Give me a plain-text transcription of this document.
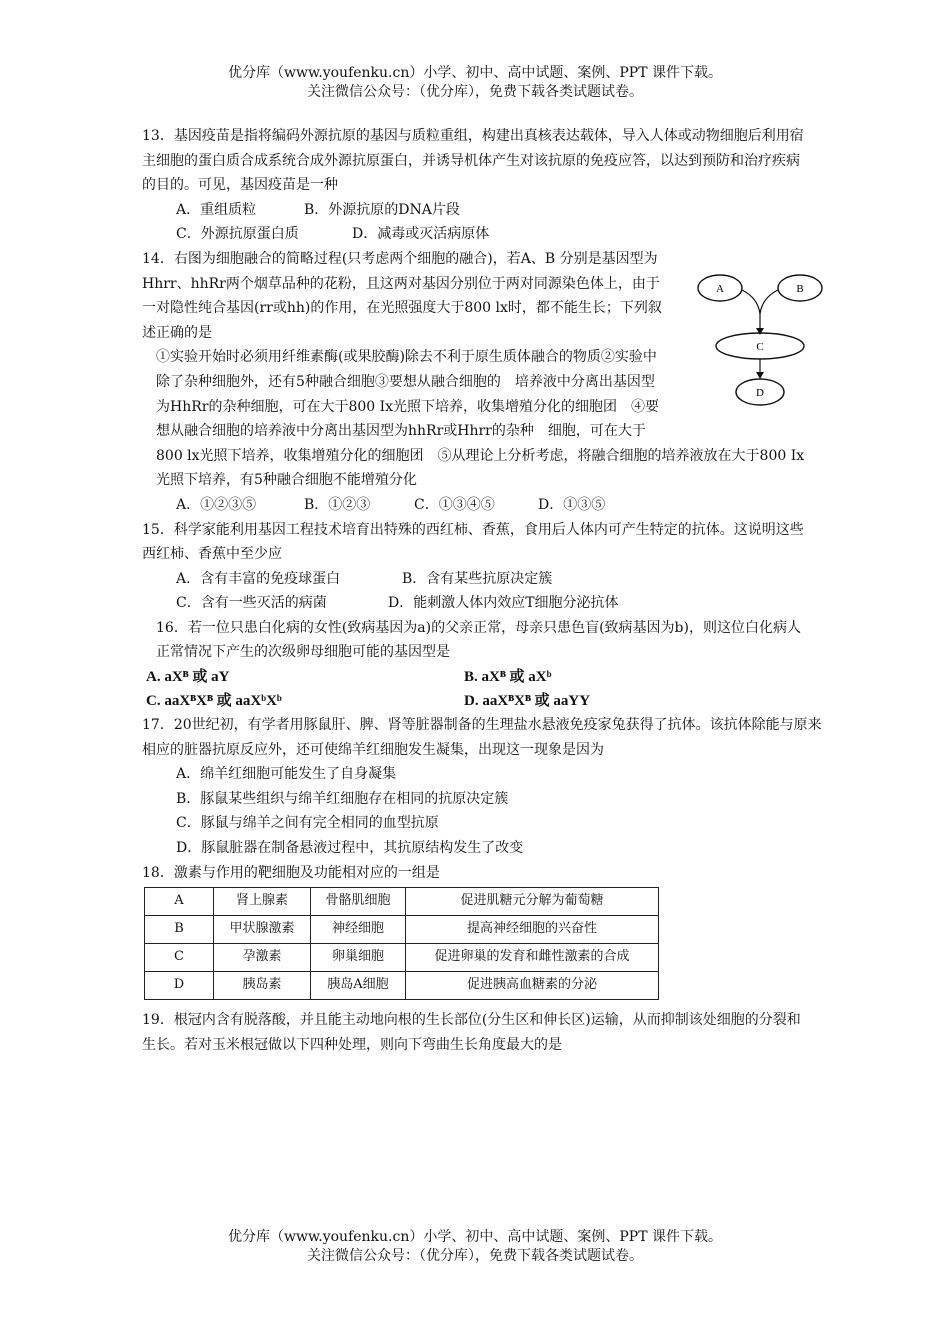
优分库（www.youfenku.cn）小学、初中、高中试题、案例、PPT 课件下载。
关注微信公众号：（优分库），免费下载各类试题试卷。

13．基因疫苗是指将编码外源抗原的基因与质粒重组，构建出真核表达载体，导入人体或动物细胞后利用宿主细胞的蛋白质合成系统合成外源抗原蛋白，并诱导机体产生对该抗原的免疫应答，以达到预防和治疗疾病的目的。可见，基因疫苗是一种

A．重组质粒	B．外源抗原的DNA片段

C．外源抗原蛋白质	D．减毒或灭活病原体

14．右图为细胞融合的简略过程(只考虑两个细胞的融合)，若A、B 分别是基因型为Hhrr、hhRr两个烟草品种的花粉，且这两对基因分别位于两对同源染色体上，由于一对隐性纯合基因(rr或hh)的作用，在光照强度大于800 lx时，都不能生长；下列叙述正确的是

①实验开始时必须用纤维素酶(或果胶酶)除去不利于原生质体融合的物质②实验中除了杂种细胞外，还有5种融合细胞③要想从融合细胞的　培养液中分离出基因型为HhRr的杂种细胞，可在大于800 Ix光照下培养，收集增殖分化的细胞团　④要想从融合细胞的培养液中分离出基因型为hhRr或Hhrr的杂种　细胞，可在大于800 lx光照下培养，收集增殖分化的细胞团　⑤从理论上分析考虑，将融合细胞的培养液放在大于800 Ix光照下培养，有5种融合细胞不能增殖分化

A．①②③⑤	B．①②③	C．①③④⑤	D．①③⑤

15．科学家能利用基因工程技术培育出特殊的西红柿、香蕉，食用后人体内可产生特定的抗体。这说明这些西红柿、香蕉中至少应

A．含有丰富的免疫球蛋白	B．含有某些抗原决定簇

C．含有一些灭活的病菌	D．能刺激人体内效应T细胞分泌抗体

16．若一位只患白化病的女性(致病基因为a)的父亲正常，母亲只患色盲(致病基因为b)，则这位白化病人正常情况下产生的次级卵母细胞可能的基因型是

A. aXᴮ 或 aY	B. aXᴮ 或 aXᵇ
C. aaXᴮXᴮ 或 aaXᵇXᵇ	D. aaXᴮXᴮ 或 aaYY

17．20世纪初，有学者用豚鼠肝、脾、肾等脏器制备的生理盐水悬液免疫家兔获得了抗体。该抗体除能与原来相应的脏器抗原反应外，还可使绵羊红细胞发生凝集，出现这一现象是因为

A．绵羊红细胞可能发生了自身凝集

B．豚鼠某些组织与绵羊红细胞存在相同的抗原决定簇

C．豚鼠与绵羊之间有完全相同的血型抗原

D．豚鼠脏器在制备悬液过程中，其抗原结构发生了改变

18．激素与作用的靶细胞及功能相对应的一组是

A	肾上腺素	骨骼肌细胞	促进肌糖元分解为葡萄糖
B	甲状腺激素	神经细胞	提高神经细胞的兴奋性
C	孕激素	卵巢细胞	促进卵巢的发育和雌性激素的合成
D	胰岛素	胰岛A细胞	促进胰高血糖素的分泌

19．根冠内含有脱落酸，并且能主动地向根的生长部位(分生区和伸长区)运输，从而抑制该处细胞的分裂和生长。若对玉米根冠做以下四种处理，则向下弯曲生长角度最大的是

A	B
C
D
优分库（www.youfenku.cn）小学、初中、高中试题、案例、PPT 课件下载。
关注微信公众号：（优分库），免费下载各类试题试卷。
